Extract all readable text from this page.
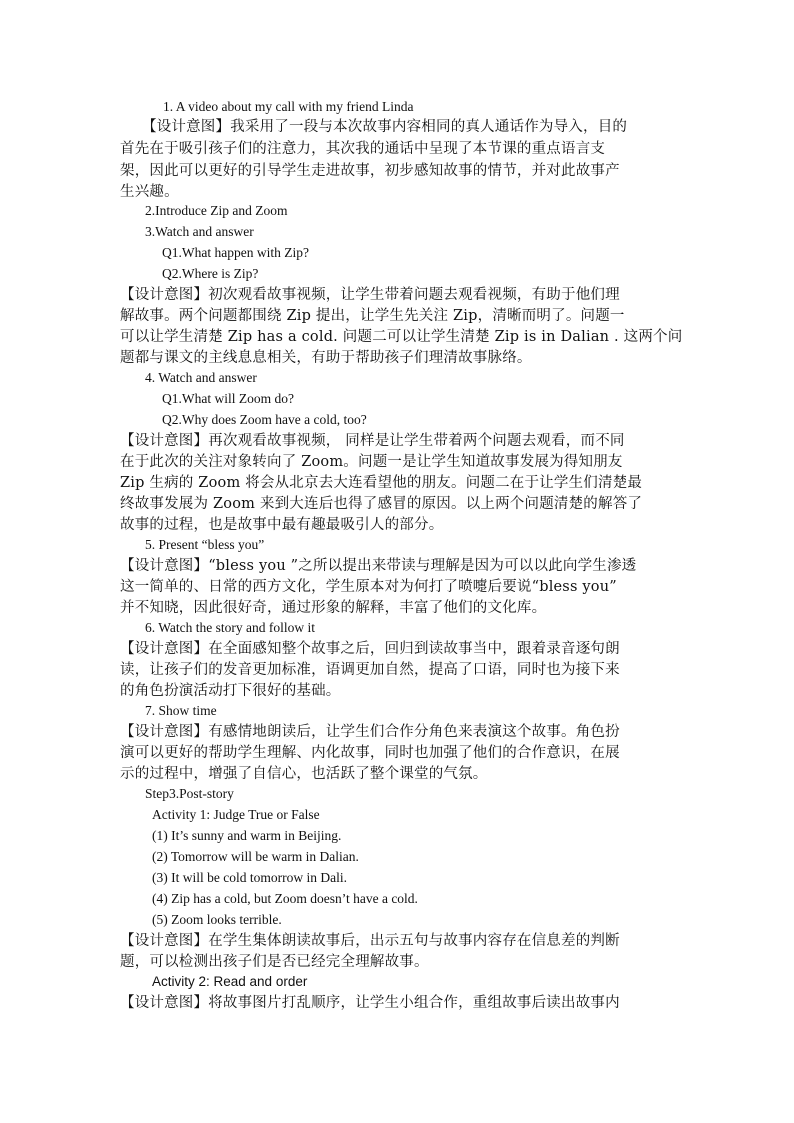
1. A video about my call with my friend Linda
【设计意图】我采用了一段与本次故事内容相同的真人通话作为导入，目的
首先在于吸引孩子们的注意力，其次我的通话中呈现了本节课的重点语言支
架，因此可以更好的引导学生走进故事，初步感知故事的情节，并对此故事产
生兴趣。
2.Introduce Zip and Zoom
3.Watch and answer
Q1.What happen with Zip?
Q2.Where is Zip?
【设计意图】初次观看故事视频，让学生带着问题去观看视频，有助于他们理
解故事。两个问题都围绕 Zip 提出，让学生先关注 Zip，清晰而明了。问题一
可以让学生清楚 Zip has a cold. 问题二可以让学生清楚 Zip is in Dalian . 这两个问
题都与课文的主线息息相关，有助于帮助孩子们理清故事脉络。
4. Watch and answer
Q1.What will Zoom do?
Q2.Why does Zoom have a cold, too?
【设计意图】再次观看故事视频， 同样是让学生带着两个问题去观看，而不同
在于此次的关注对象转向了 Zoom。问题一是让学生知道故事发展为得知朋友
Zip 生病的 Zoom 将会从北京去大连看望他的朋友。问题二在于让学生们清楚最
终故事发展为 Zoom 来到大连后也得了感冒的原因。以上两个问题清楚的解答了
故事的过程，也是故事中最有趣最吸引人的部分。
5. Present “bless you”
【设计意图】“bless you ”之所以提出来带读与理解是因为可以以此向学生渗透
这一简单的、日常的西方文化，学生原本对为何打了喷嚏后要说“bless you”
并不知晓，因此很好奇，通过形象的解释，丰富了他们的文化库。
6. Watch the story and follow it
【设计意图】在全面感知整个故事之后，回归到读故事当中，跟着录音逐句朗
读，让孩子们的发音更加标准，语调更加自然，提高了口语，同时也为接下来
的角色扮演活动打下很好的基础。
7. Show time
【设计意图】有感情地朗读后，让学生们合作分角色来表演这个故事。角色扮
演可以更好的帮助学生理解、内化故事，同时也加强了他们的合作意识，在展
示的过程中，增强了自信心，也活跃了整个课堂的气氛。
Step3.Post-story
Activity 1: Judge True or False
(1) It’s sunny and warm in Beijing.
(2) Tomorrow will be warm in Dalian.
(3) It will be cold tomorrow in Dali.
(4) Zip has a cold, but Zoom doesn’t have a cold.
(5) Zoom looks terrible.
【设计意图】在学生集体朗读故事后，出示五句与故事内容存在信息差的判断
题，可以检测出孩子们是否已经完全理解故事。
Activity 2: Read and order
【设计意图】将故事图片打乱顺序，让学生小组合作，重组故事后读出故事内
